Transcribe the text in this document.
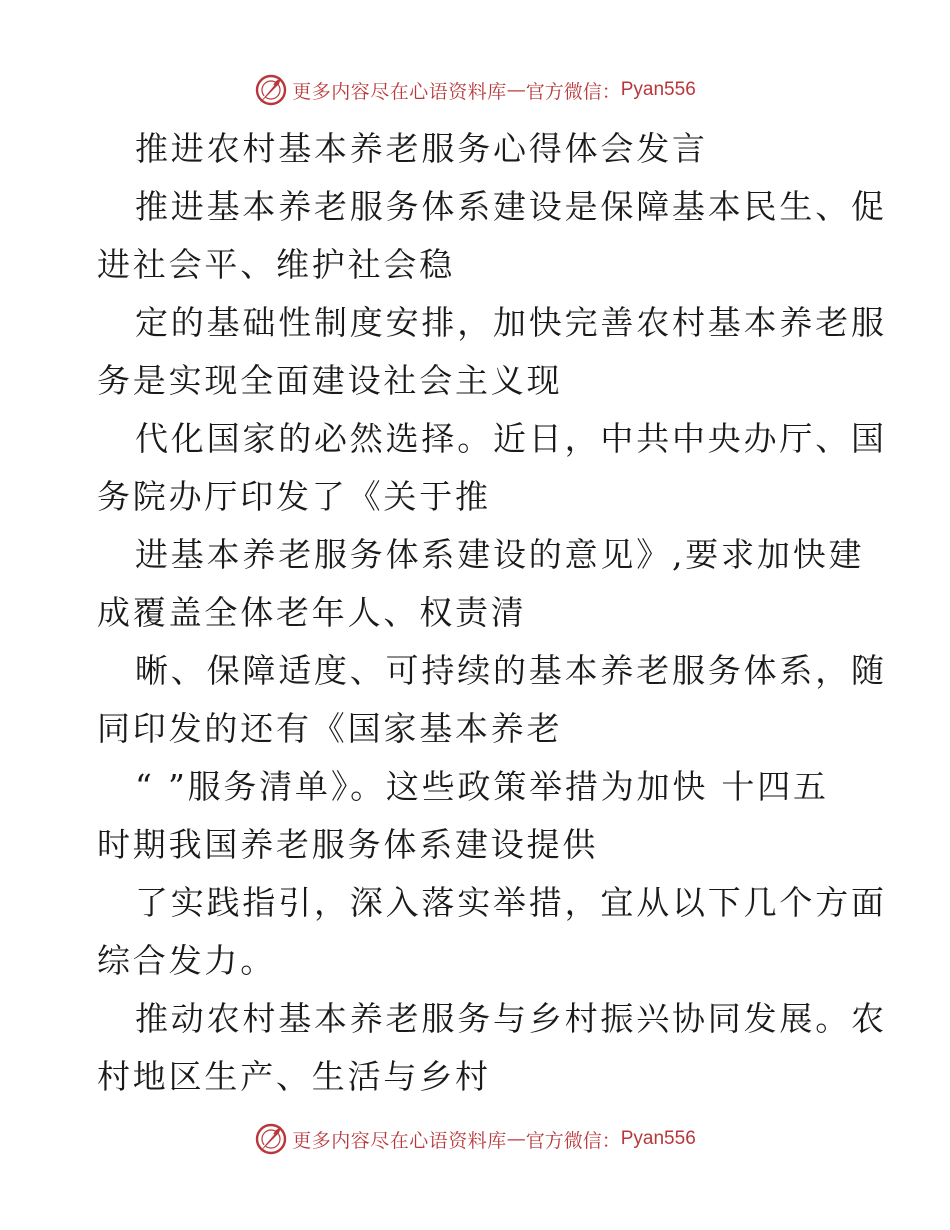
更多内容尽在心语资料库 — 官方微信： Pyan556
推进农村基本养老服务心得体会发言
推进基本养老服务体系建设是保障基本民生、促
进社会平、维护社会稳
定的基础性制度安排，加快完善农村基本养老服
务是实现全面建设社会主义现
代化国家的必然选择。近日，中共中央办厅、国
务院办厅印发了《关于推
进基本养老服务体系建设的意见》,要求加快建
成覆盖全体老年人、权责清
晰、保障适度、可持续的基本养老服务体系，随
同印发的还有《国家基本养老
“ ”服务清单》。这些政策举措为加快 十四五
时期我国养老服务体系建设提供
了实践指引，深入落实举措，宜从以下几个方面
综合发力。
推动农村基本养老服务与乡村振兴协同发展。农
村地区生产、生活与乡村
更多内容尽在心语资料库 — 官方微信： Pyan556
